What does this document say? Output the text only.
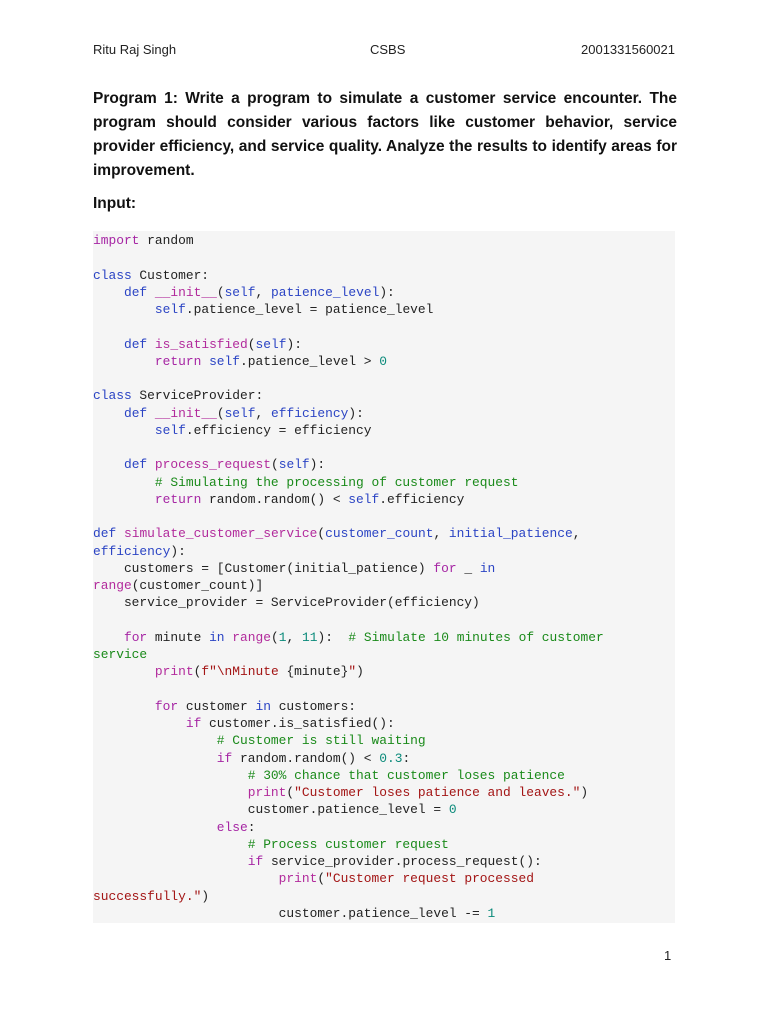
Ritu Raj Singh	CSBS	2001331560021
Program 1: Write a program to simulate a customer service encounter. The program should consider various factors like customer behavior, service provider efficiency, and service quality. Analyze the results to identify areas for improvement.
Input:
import random

class Customer:
def __init__(self, patience_level):
self.patience_level = patience_level

def is_satisfied(self):
return self.patience_level > 0

class ServiceProvider:
def __init__(self, efficiency):
self.efficiency = efficiency

def process_request(self):
# Simulating the processing of customer request
return random.random() < self.efficiency

def simulate_customer_service(customer_count, initial_patience,
efficiency):
customers = [Customer(initial_patience) for _ in
range(customer_count)]
service_provider = ServiceProvider(efficiency)

for minute in range(1, 11):  # Simulate 10 minutes of customer
service
print(f"\nMinute {minute}")

for customer in customers:
if customer.is_satisfied():
# Customer is still waiting
if random.random() < 0.3:
# 30% chance that customer loses patience
print("Customer loses patience and leaves.")
customer.patience_level = 0
else:
# Process customer request
if service_provider.process_request():
print("Customer request processed
successfully.")
customer.patience_level -= 1
1
